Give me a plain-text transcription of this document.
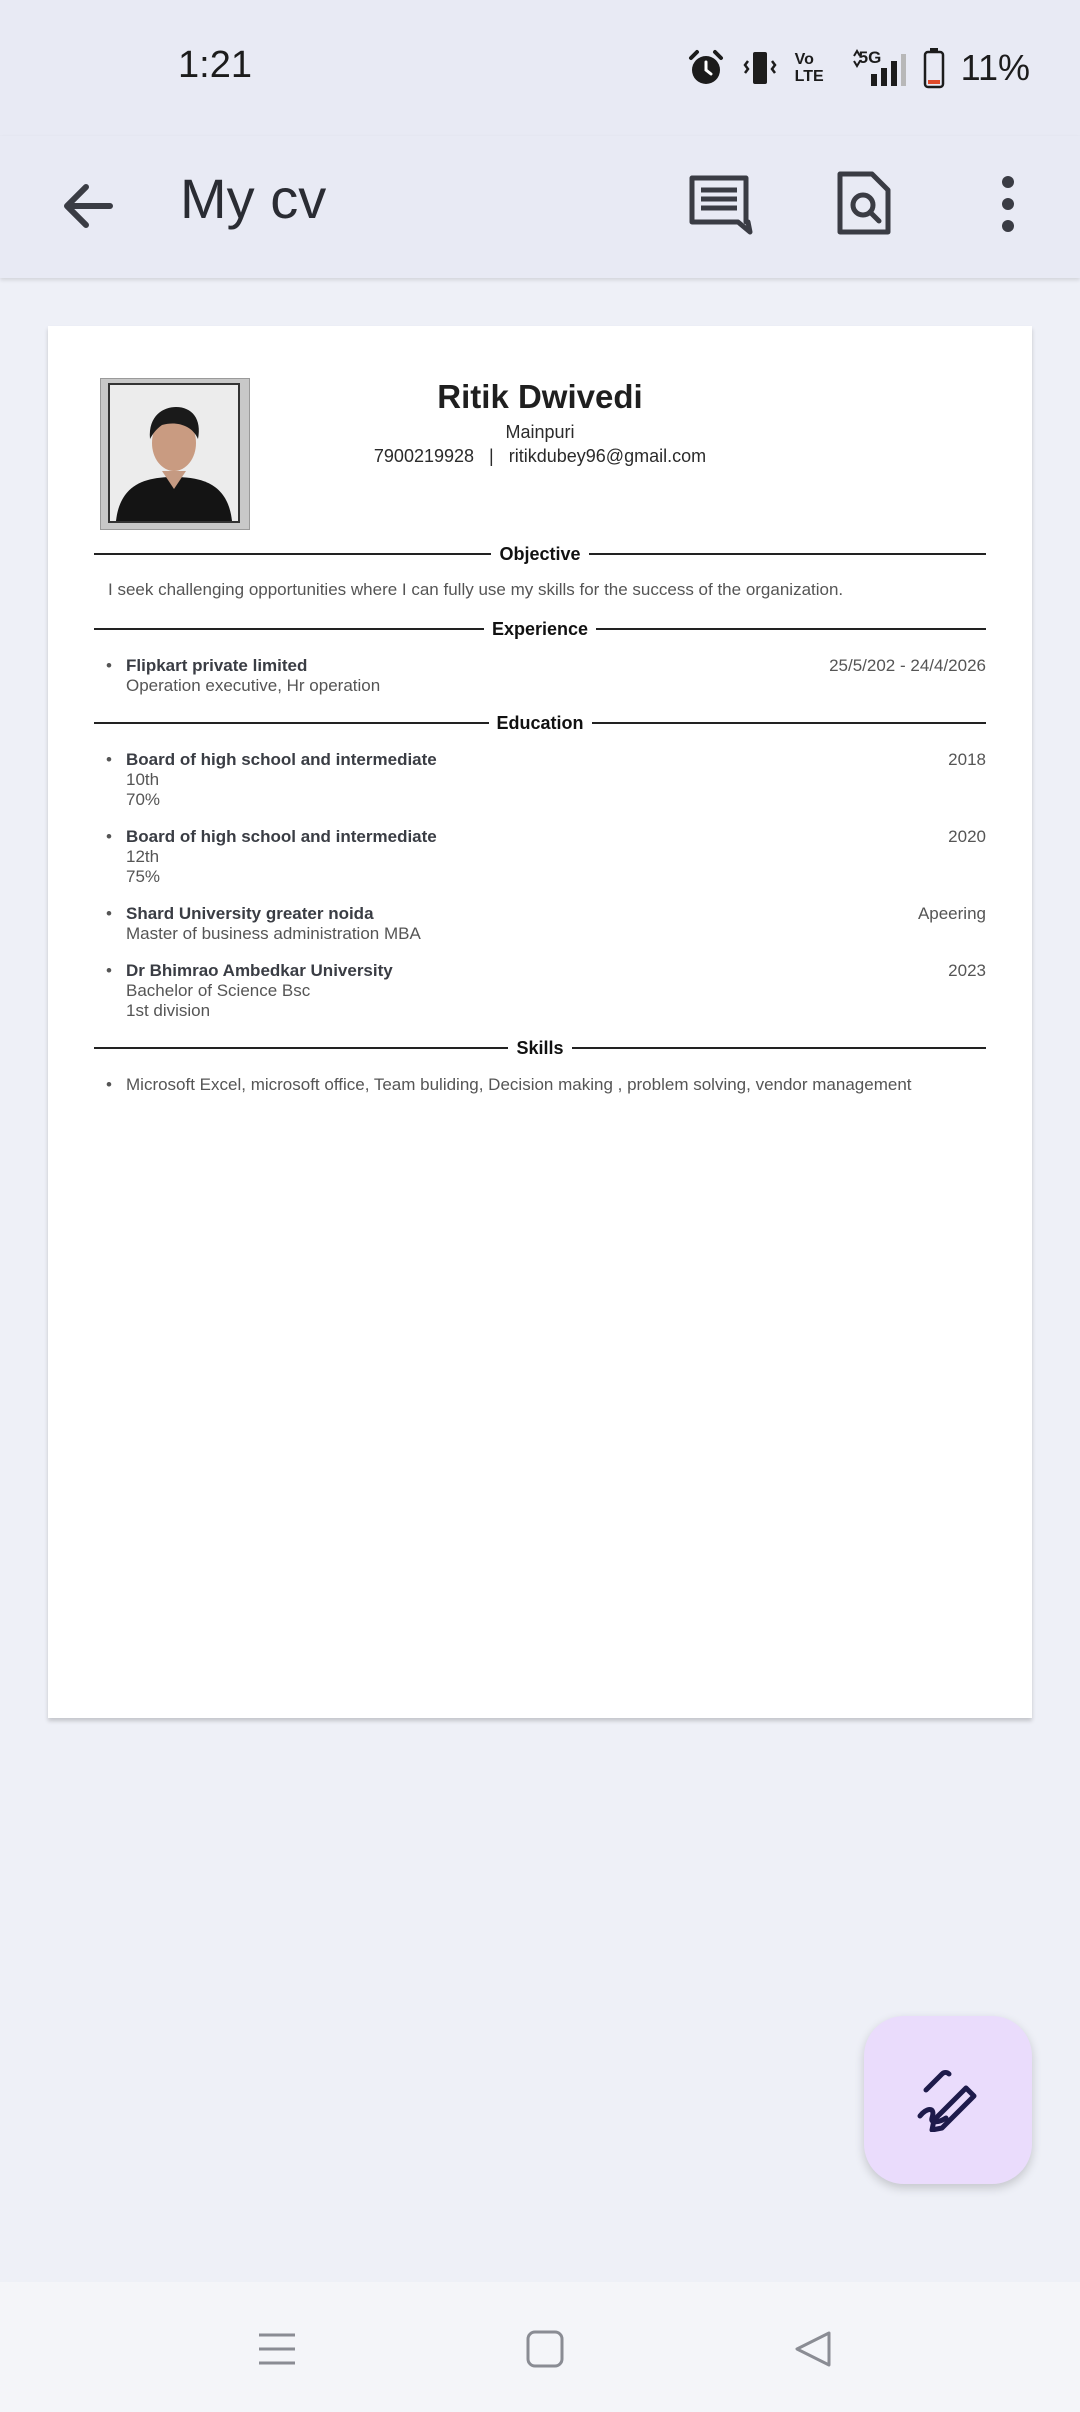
1:21	Vo
LTE
5G 11%
My cv
Ritik Dwivedi
Mainpuri
7900219928 | ritikdubey96@gmail.com
Objective
I seek challenging opportunities where I can fully use my skills for the success of the organization.
Experience
• Flipkart private limited
Operation executive, Hr operation
25/5/202 - 24/4/2026
Education
• Board of high school and intermediate
10th
70%
2018
• Board of high school and intermediate
12th
75%
2020
• Shard University greater noida
Master of business administration MBA
Apeering
• Dr Bhimrao Ambedkar University
Bachelor of Science Bsc
1st division
2023
Skills
• Microsoft Excel, microsoft office, Team buliding, Decision making , problem solving, vendor management
